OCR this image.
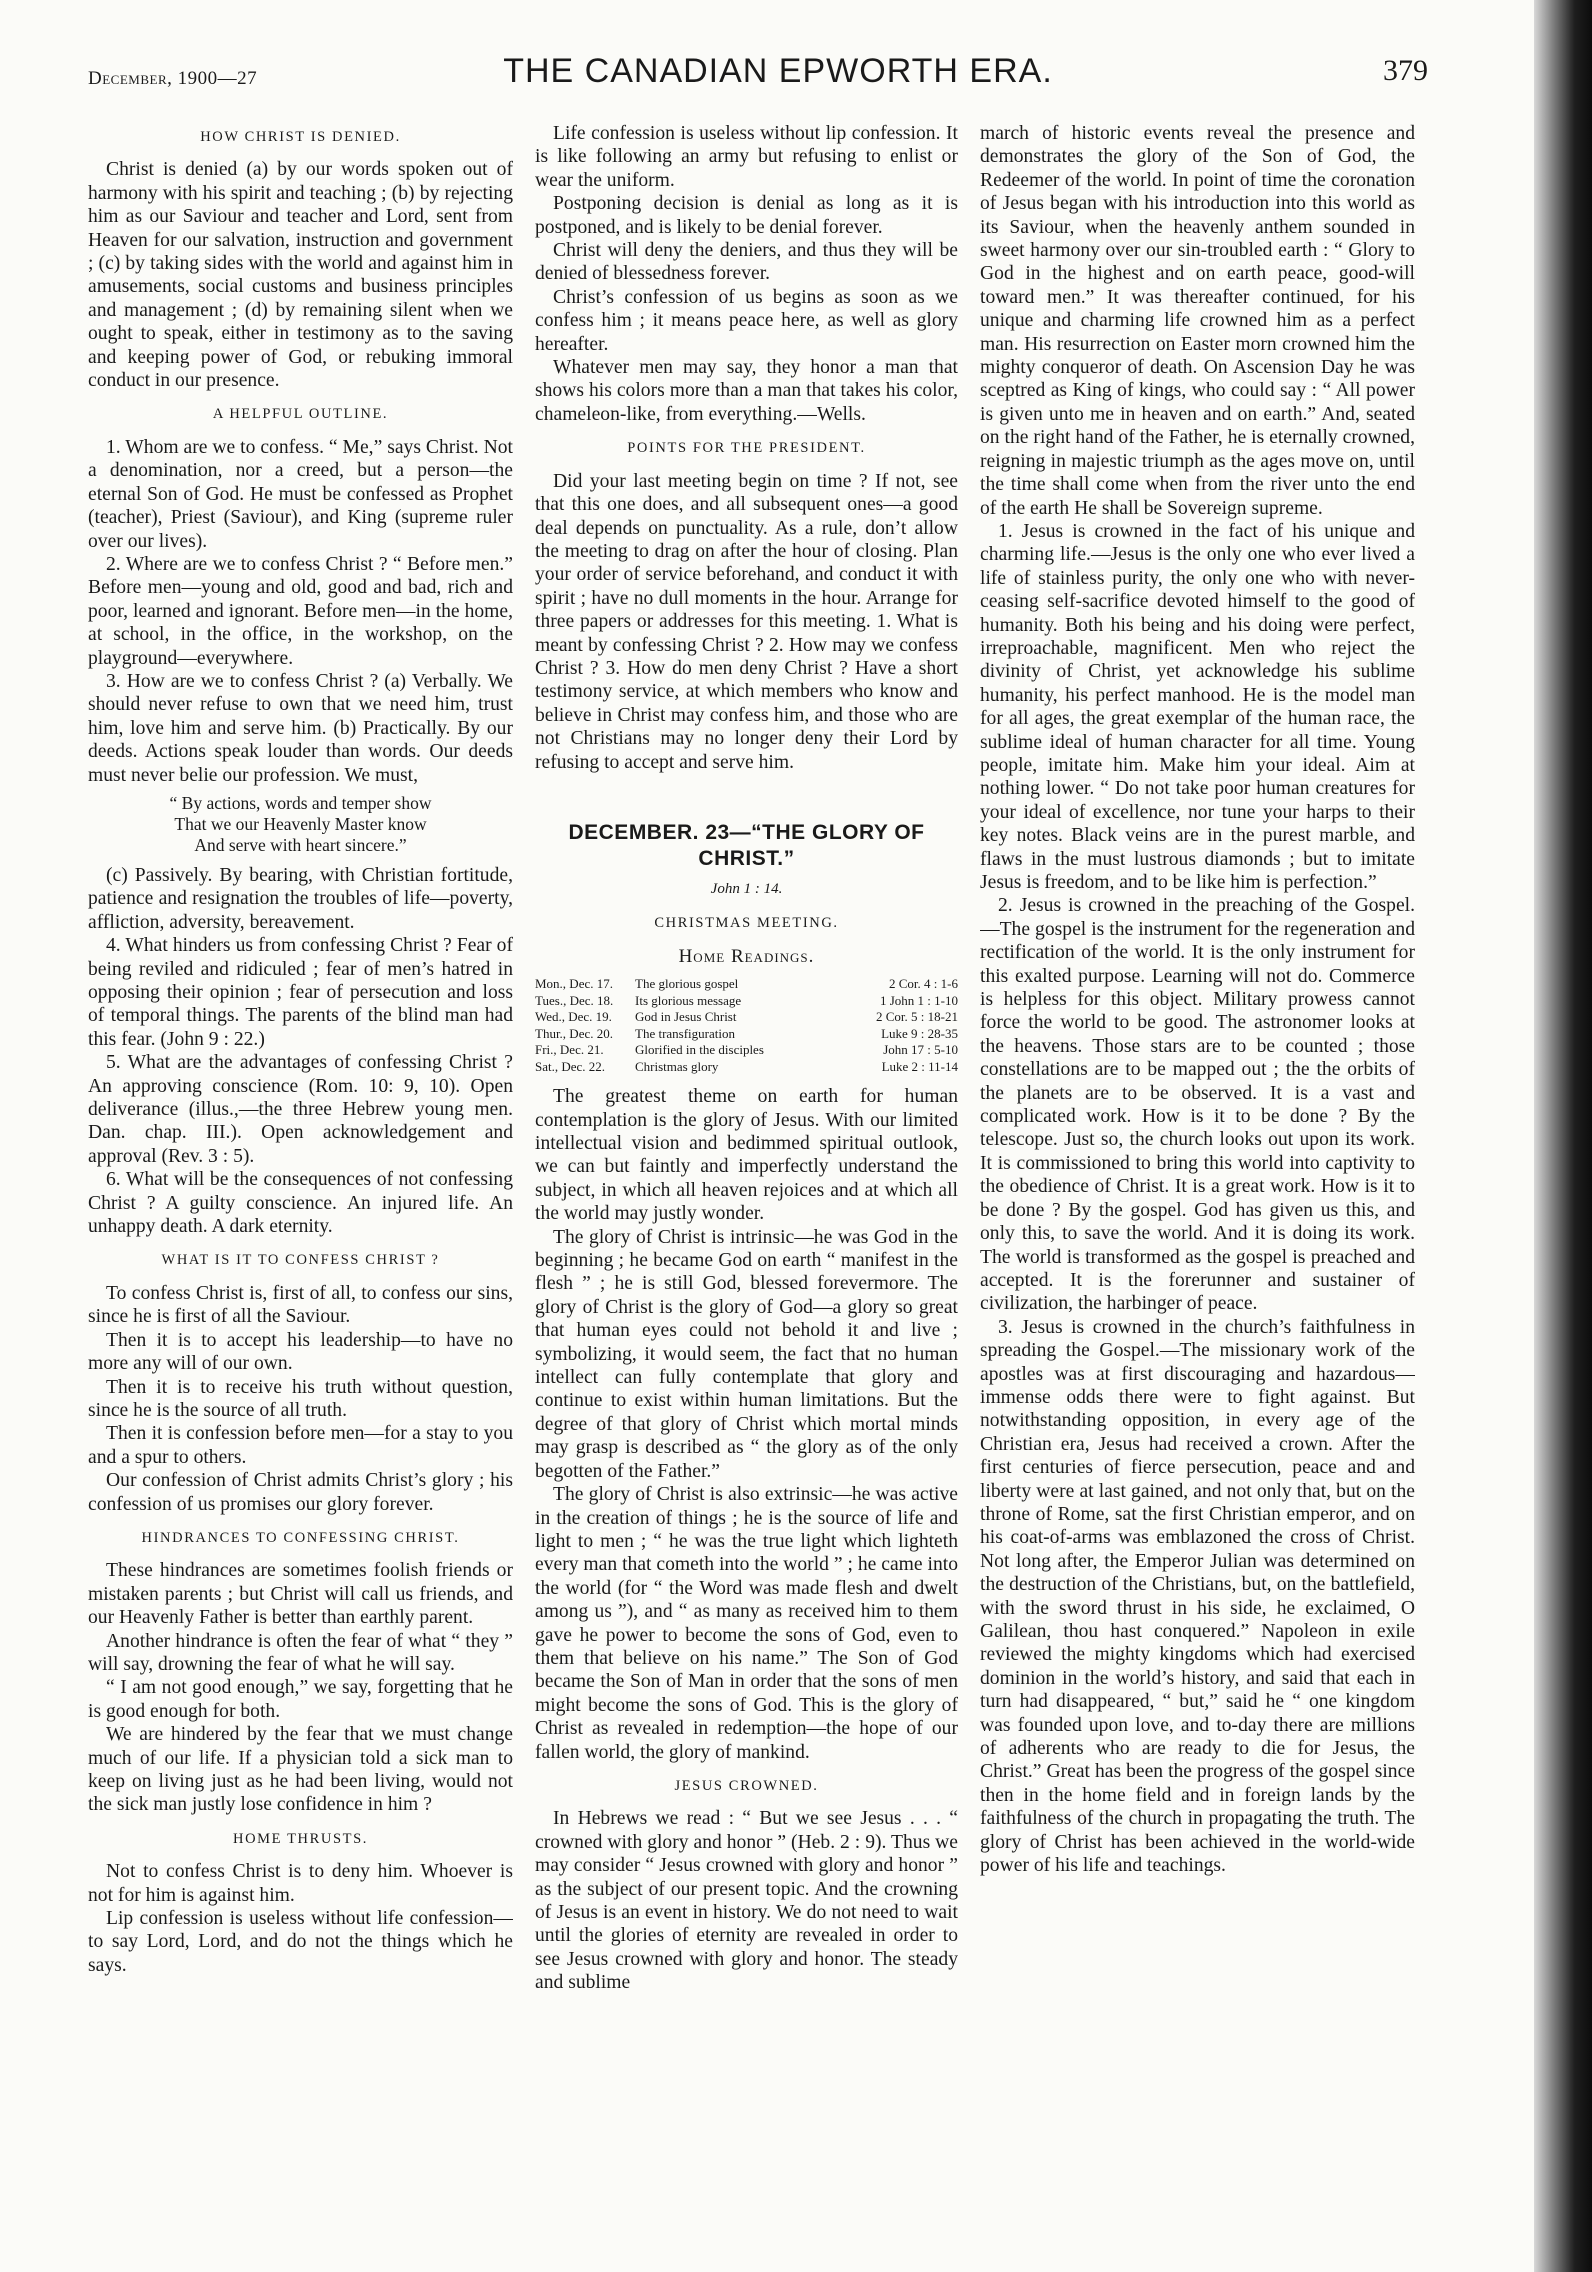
December, 1900—27	THE CANADIAN EPWORTH ERA.	379
HOW CHRIST IS DENIED.

Christ is denied (a) by our words spoken out of harmony with his spirit and teaching ; (b) by rejecting him as our Saviour and teacher and Lord, sent from Heaven for our salvation, instruction and government ; (c) by taking sides with the world and against him in amusements, social customs and business principles and management ; (d) by remaining silent when we ought to speak, either in testimony as to the saving and keeping power of God, or rebuking immoral conduct in our presence.

A HELPFUL OUTLINE.

1. Whom are we to confess. “ Me,” says Christ. Not a denomination, nor a creed, but a person—the eternal Son of God. He must be confessed as Prophet (teacher), Priest (Saviour), and King (supreme ruler over our lives).

2. Where are we to confess Christ ? “ Before men.” Before men—young and old, good and bad, rich and poor, learned and ignorant. Before men—in the home, at school, in the office, in the workshop, on the playground—everywhere.

3. How are we to confess Christ ? (a) Verbally. We should never refuse to own that we need him, trust him, love him and serve him. (b) Practically. By our deeds. Actions speak louder than words. Our deeds must never belie our profession. We must,

“ By actions, words and temper show
That we our Heavenly Master know
And serve with heart sincere.”

(c) Passively. By bearing, with Christian fortitude, patience and resignation the troubles of life—poverty, affliction, adversity, bereavement.

4. What hinders us from confessing Christ ? Fear of being reviled and ridiculed ; fear of men’s hatred in opposing their opinion ; fear of persecution and loss of temporal things. The parents of the blind man had this fear. (John 9 : 22.)

5. What are the advantages of confessing Christ ? An approving conscience (Rom. 10: 9, 10). Open deliverance (illus.,—the three Hebrew young men. Dan. chap. III.). Open acknowledgement and approval (Rev. 3 : 5).

6. What will be the consequences of not confessing Christ ? A guilty conscience. An injured life. An unhappy death. A dark eternity.

WHAT IS IT TO CONFESS CHRIST ?

To confess Christ is, first of all, to confess our sins, since he is first of all the Saviour.

Then it is to accept his leadership—to have no more any will of our own.

Then it is to receive his truth without question, since he is the source of all truth.

Then it is confession before men—for a stay to you and a spur to others.

Our confession of Christ admits Christ’s glory ; his confession of us promises our glory forever.

HINDRANCES TO CONFESSING CHRIST.

These hindrances are sometimes foolish friends or mistaken parents ; but Christ will call us friends, and our Heavenly Father is better than earthly parent.

Another hindrance is often the fear of what “ they ” will say, drowning the fear of what he will say.

“ I am not good enough,” we say, forgetting that he is good enough for both.

We are hindered by the fear that we must change much of our life. If a physician told a sick man to keep on living just as he had been living, would not the sick man justly lose confidence in him ?

HOME THRUSTS.

Not to confess Christ is to deny him. Whoever is not for him is against him.

Lip confession is useless without life confession—to say Lord, Lord, and do not the things which he says.

Life confession is useless without lip confession. It is like following an army but refusing to enlist or wear the uniform.

Postponing decision is denial as long as it is postponed, and is likely to be denial forever.

Christ will deny the deniers, and thus they will be denied of blessedness forever.

Christ’s confession of us begins as soon as we confess him ; it means peace here, as well as glory hereafter.

Whatever men may say, they honor a man that shows his colors more than a man that takes his color, chameleon-like, from everything.—Wells.

POINTS FOR THE PRESIDENT.

Did your last meeting begin on time ? If not, see that this one does, and all subsequent ones—a good deal depends on punctuality. As a rule, don’t allow the meeting to drag on after the hour of closing. Plan your order of service beforehand, and conduct it with spirit ; have no dull moments in the hour. Arrange for three papers or addresses for this meeting. 1. What is meant by confessing Christ ? 2. How may we confess Christ ? 3. How do men deny Christ ? Have a short testimony service, at which members who know and believe in Christ may confess him, and those who are not Christians may no longer deny their Lord by refusing to accept and serve him.

DECEMBER. 23—“THE GLORY OF CHRIST.”
John 1 : 14.
CHRISTMAS MEETING.
Home Readings.
Mon., Dec. 17.	The glorious gospel	2 Cor. 4 : 1-6
Tues., Dec. 18.	Its glorious message	1 John 1 : 1-10
Wed., Dec. 19.	God in Jesus Christ	2 Cor. 5 : 18-21
Thur., Dec. 20.	The transfiguration	Luke 9 : 28-35
Fri., Dec. 21.	Glorified in the disciples	John 17 : 5-10
Sat., Dec. 22.	Christmas glory	Luke 2 : 11-14

The greatest theme on earth for human contemplation is the glory of Jesus. With our limited intellectual vision and bedimmed spiritual outlook, we can but faintly and imperfectly understand the subject, in which all heaven rejoices and at which all the world may justly wonder.

The glory of Christ is intrinsic—he was God in the beginning ; he became God on earth “ manifest in the flesh ” ; he is still God, blessed forevermore. The glory of Christ is the glory of God—a glory so great that human eyes could not behold it and live ; symbolizing, it would seem, the fact that no human intellect can fully contemplate that glory and continue to exist within human limitations. But the degree of that glory of Christ which mortal minds may grasp is described as “ the glory as of the only begotten of the Father.”

The glory of Christ is also extrinsic—he was active in the creation of things ; he is the source of life and light to men ; “ he was the true light which lighteth every man that cometh into the world ” ; he came into the world (for “ the Word was made flesh and dwelt among us ”), and “ as many as received him to them gave he power to become the sons of God, even to them that believe on his name.” The Son of God became the Son of Man in order that the sons of men might become the sons of God. This is the glory of Christ as revealed in redemption—the hope of our fallen world, the glory of mankind.

JESUS CROWNED.

In Hebrews we read : “ But we see Jesus . . . “ crowned with glory and honor ” (Heb. 2 : 9). Thus we may consider “ Jesus crowned with glory and honor ” as the subject of our present topic. And the crowning of Jesus is an event in history. We do not need to wait until the glories of eternity are revealed in order to see Jesus crowned with glory and honor. The steady and sublime

march of historic events reveal the presence and demonstrates the glory of the Son of God, the Redeemer of the world. In point of time the coronation of Jesus began with his introduction into this world as its Saviour, when the heavenly anthem sounded in sweet harmony over our sin-troubled earth : “ Glory to God in the highest and on earth peace, good-will toward men.” It was thereafter continued, for his unique and charming life crowned him as a perfect man. His resurrection on Easter morn crowned him the mighty conqueror of death. On Ascension Day he was sceptred as King of kings, who could say : “ All power is given unto me in heaven and on earth.” And, seated on the right hand of the Father, he is eternally crowned, reigning in majestic triumph as the ages move on, until the time shall come when from the river unto the end of the earth He shall be Sovereign supreme.

1. Jesus is crowned in the fact of his unique and charming life.—Jesus is the only one who ever lived a life of stainless purity, the only one who with never-ceasing self-sacrifice devoted himself to the good of humanity. Both his being and his doing were perfect, irreproachable, magnificent. Men who reject the divinity of Christ, yet acknowledge his sublime humanity, his perfect manhood. He is the model man for all ages, the great exemplar of the human race, the sublime ideal of human character for all time. Young people, imitate him. Make him your ideal. Aim at nothing lower. “ Do not take poor human creatures for your ideal of excellence, nor tune your harps to their key notes. Black veins are in the purest marble, and flaws in the must lustrous diamonds ; but to imitate Jesus is freedom, and to be like him is perfection.”

2. Jesus is crowned in the preaching of the Gospel.—The gospel is the instrument for the regeneration and rectification of the world. It is the only instrument for this exalted purpose. Learning will not do. Commerce is helpless for this object. Military prowess cannot force the world to be good. The astronomer looks at the heavens. Those stars are to be counted ; those constellations are to be mapped out ; the the orbits of the planets are to be observed. It is a vast and complicated work. How is it to be done ? By the telescope. Just so, the church looks out upon its work. It is commissioned to bring this world into captivity to the obedience of Christ. It is a great work. How is it to be done ? By the gospel. God has given us this, and only this, to save the world. And it is doing its work. The world is transformed as the gospel is preached and accepted. It is the forerunner and sustainer of civilization, the harbinger of peace.

3. Jesus is crowned in the church’s faithfulness in spreading the Gospel.—The missionary work of the apostles was at first discouraging and hazardous—immense odds there were to fight against. But notwithstanding opposition, in every age of the Christian era, Jesus had received a crown. After the first centuries of fierce persecution, peace and and liberty were at last gained, and not only that, but on the throne of Rome, sat the first Christian emperor, and on his coat-of-arms was emblazoned the cross of Christ. Not long after, the Emperor Julian was determined on the destruction of the Christians, but, on the battlefield, with the sword thrust in his side, he exclaimed, O Galilean, thou hast conquered.” Napoleon in exile reviewed the mighty kingdoms which had exercised dominion in the world’s history, and said that each in turn had disappeared, “ but,” said he “ one kingdom was founded upon love, and to-day there are millions of adherents who are ready to die for Jesus, the Christ.” Great has been the progress of the gospel since then in the home field and in foreign lands by the faithfulness of the church in propagating the truth. The glory of Christ has been achieved in the world-wide power of his life and teachings.
